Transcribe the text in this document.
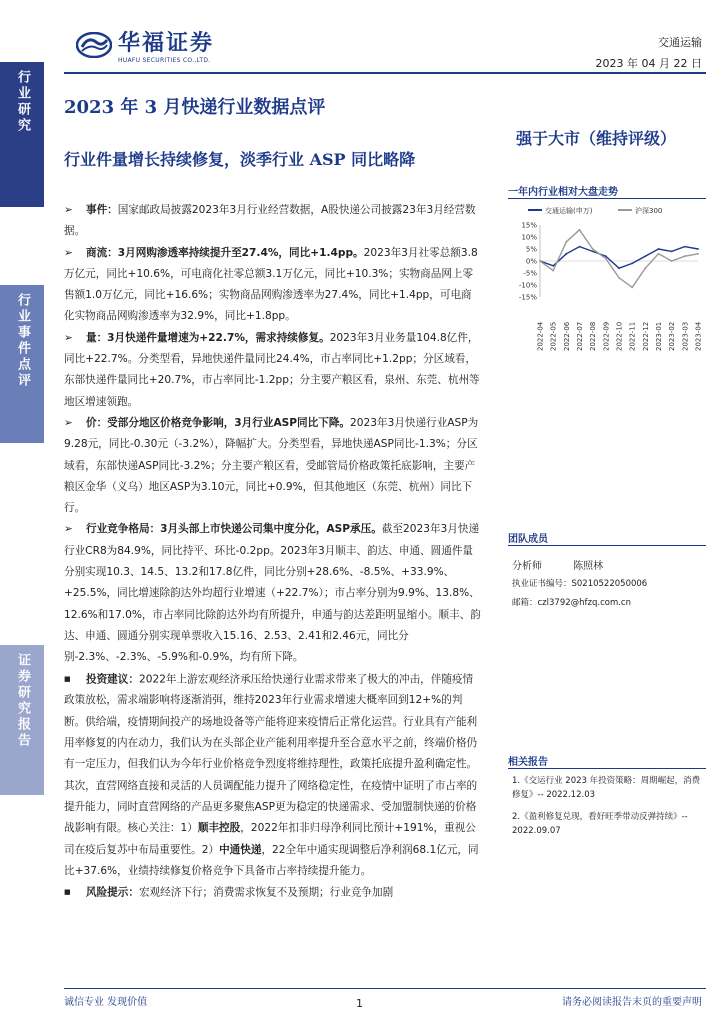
行业研究
行业事件点评
证券研究报告
华福证券
HUAFU SECURITIES CO.,LTD.
交通运输
2023 年 04 月 22 日
2023 年 3 月快递行业数据点评
行业件量增长持续修复，淡季行业 ASP 同比略降
强于大市（维持评级）

➢ 事件：国家邮政局披露2023年3月行业经营数据，A股快递公司披露23年3月经营数据。

➢ 商流：3月网购渗透率持续提升至27.4%，同比+1.4pp。2023年3月社零总额3.8万亿元，同比+10.6%，可电商化社零总额3.1万亿元，同比+10.3%；实物商品网上零售额1.0万亿元，同比+16.6%；实物商品网购渗透率为27.4%，同比+1.4pp，可电商化实物商品网购渗透率为32.9%，同比+1.8pp。

➢ 量：3月快递件量增速为+22.7%，需求持续修复。2023年3月业务量104.8亿件，同比+22.7%。分类型看，异地快递件量同比24.4%，市占率同比+1.2pp；分区域看，东部快递件量同比+20.7%，市占率同比-1.2pp；分主要产粮区看，泉州、东莞、杭州等地区增速领跑。

➢ 价：受部分地区价格竞争影响，3月行业ASP同比下降。2023年3月快递行业ASP为9.28元，同比-0.30元（-3.2%），降幅扩大。分类型看，异地快递ASP同比-1.3%；分区域看，东部快递ASP同比-3.2%；分主要产粮区看，受邮管局价格政策托底影响，主要产粮区金华（义乌）地区ASP为3.10元，同比+0.9%，但其他地区（东莞、杭州）同比下行。

➢ 行业竞争格局：3月头部上市快递公司集中度分化，ASP承压。截至2023年3月快递行业CR8为84.9%，同比持平、环比-0.2pp。2023年3月顺丰、韵达、申通、圆通件量分别实现10.3、14.5、13.2和17.8亿件，同比分别+28.6%、-8.5%、+33.9%、+25.5%，同比增速除韵达外均超行业增速（+22.7%）；市占率分别为9.9%、13.8%、12.6%和17.0%，市占率同比除韵达外均有所提升，申通与韵达差距明显缩小。顺丰、韵达、申通、圆通分别实现单票收入15.16、2.53、2.41和2.46元，同比分别-2.3%、-2.3%、-5.9%和-0.9%，均有所下降。

■ 投资建议：2022年上游宏观经济承压给快递行业需求带来了极大的冲击，伴随疫情政策放松，需求端影响将逐渐消弭，维持2023年行业需求增速大概率回到12+%的判断。供给端，疫情期间投产的场地设备等产能将迎来疫情后正常化运营。行业具有产能利用率修复的内在动力，我们认为在头部企业产能利用率提升至合意水平之前，终端价格仍有一定压力，但我们认为今年行业价格竞争烈度将维持理性，政策托底提升盈利确定性。其次，直营网络直接和灵活的人员调配能力提升了网络稳定性，在疫情中证明了市占率的提升能力，同时直营网络的产品更多聚焦ASP更为稳定的快递需求、受加盟制快递的价格战影响有限。核心关注：1）顺丰控股，2022年扣非归母净利同比预计+191%，重视公司在疫后复苏中布局重要性。2）中通快递，22全年中通实现调整后净利润68.1亿元，同比+37.6%，业绩持续修复价格竞争下具备市占率持续提升能力。

■ 风险提示：宏观经济下行；消费需求恢复不及预期；行业竞争加剧

一年内行业相对大盘走势
交通运输(申万)	沪深300
15%
10%
5%
0%
-5%
-10%
-15%
2022-04 2022-05 2022-06 2022-07 2022-08 2022-09 2022-10 2022-11 2022-12 2023-01 2023-02 2023-03 2023-04
团队成员
分析师	陈照林
执业证书编号：S0210522050006
邮箱：czl3792@hfzq.com.cn
相关报告
1.《交运行业 2023 年投资策略：周期崛起，消费修复》-- 2022.12.03
2.《盈利修复兑现，看好旺季带动反弹持续》-- 2022.09.07
诚信专业 发现价值	1	请务必阅读报告末页的重要声明
